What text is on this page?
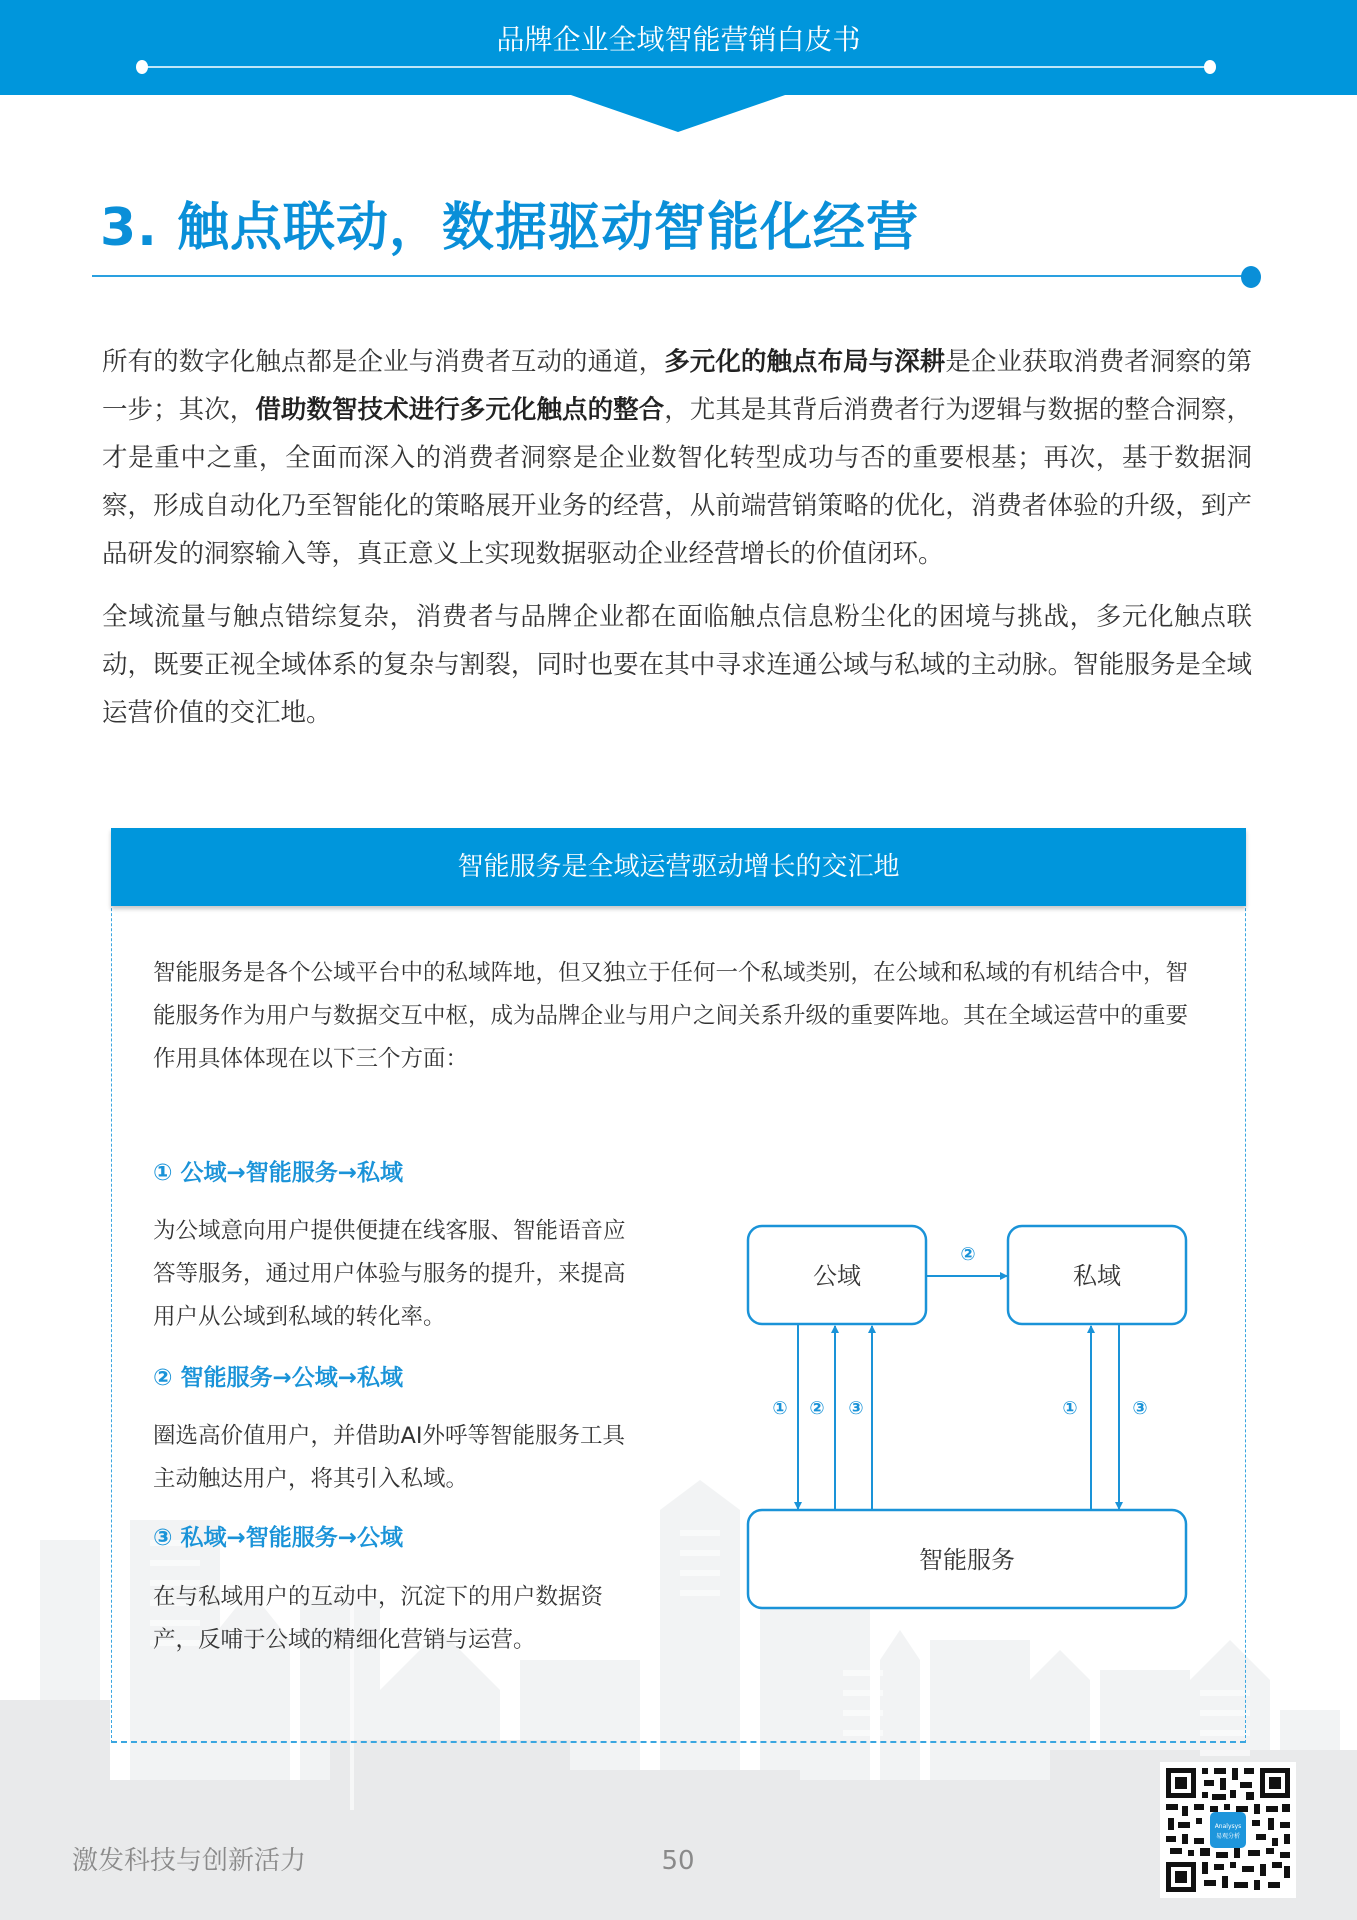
品牌企业全域智能营销白皮书
3. 触点联动，数据驱动智能化经营
所有的数字化触点都是企业与消费者互动的通道，多元化的触点布局与深耕是企业获取消费者洞察的第一步；其次，借助数智技术进行多元化触点的整合，尤其是其背后消费者行为逻辑与数据的整合洞察，才是重中之重，全面而深入的消费者洞察是企业数智化转型成功与否的重要根基；再次，基于数据洞察，形成自动化乃至智能化的策略展开业务的经营，从前端营销策略的优化，消费者体验的升级，到产品研发的洞察输入等，真正意义上实现数据驱动企业经营增长的价值闭环。
全域流量与触点错综复杂，消费者与品牌企业都在面临触点信息粉尘化的困境与挑战，多元化触点联动，既要正视全域体系的复杂与割裂，同时也要在其中寻求连通公域与私域的主动脉。智能服务是全域运营价值的交汇地。
智能服务是全域运营驱动增长的交汇地
智能服务是各个公域平台中的私域阵地，但又独立于任何一个私域类别，在公域和私域的有机结合中，智能服务作为用户与数据交互中枢，成为品牌企业与用户之间关系升级的重要阵地。其在全域运营中的重要作用具体体现在以下三个方面：
① 公域→智能服务→私域
为公域意向用户提供便捷在线客服、智能语音应答等服务，通过用户体验与服务的提升，来提高用户从公域到私域的转化率。
② 智能服务→公域→私域
圈选高价值用户，并借助AI外呼等智能服务工具主动触达用户，将其引入私域。
③ 私域→智能服务→公域
在与私域用户的互动中，沉淀下的用户数据资产，反哺于公域的精细化营销与运营。
公域	私域
智能服务
②
① ② ③	①	③
激发科技与创新活力	50
Analysys
易观分析
